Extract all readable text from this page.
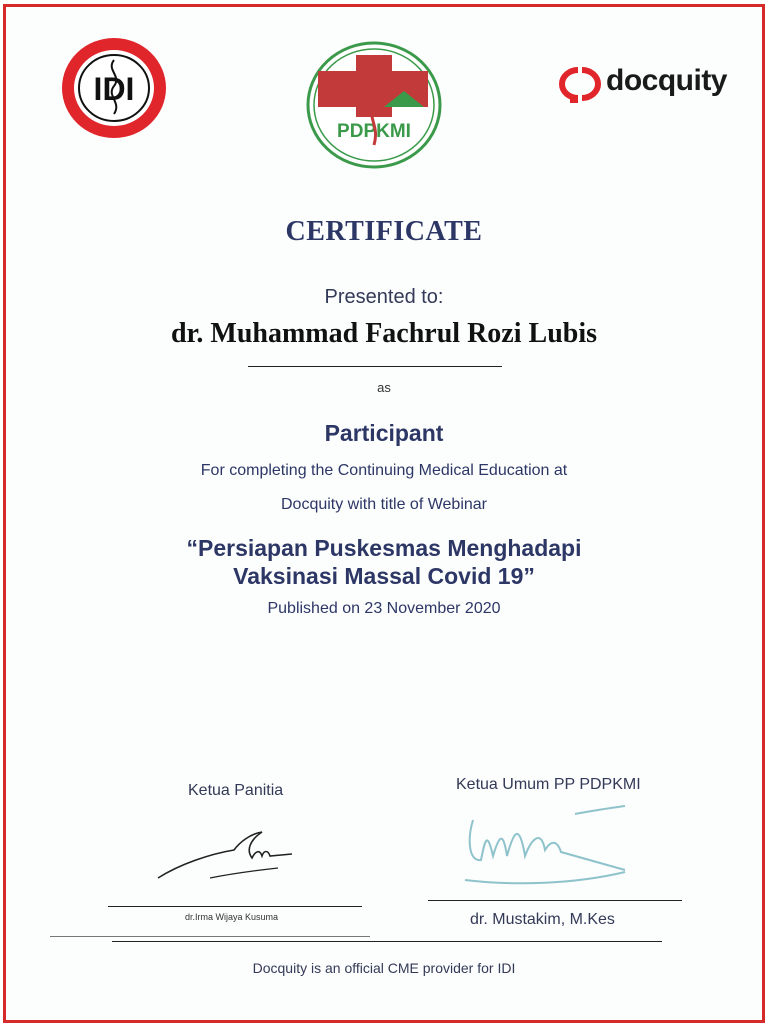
IDI
PDPKMI
docquity
CERTIFICATE
Presented to:
dr. Muhammad Fachrul Rozi Lubis
as
Participant
For completing the Continuing Medical Education at
Docquity with title of Webinar
“Persiapan Puskesmas Menghadapi
Vaksinasi Massal Covid 19”
Published on 23 November 2020
Ketua Panitia
dr.Irma Wijaya Kusuma
Ketua Umum PP PDPKMI
dr. Mustakim, M.Kes
Docquity is an official CME provider for IDI
